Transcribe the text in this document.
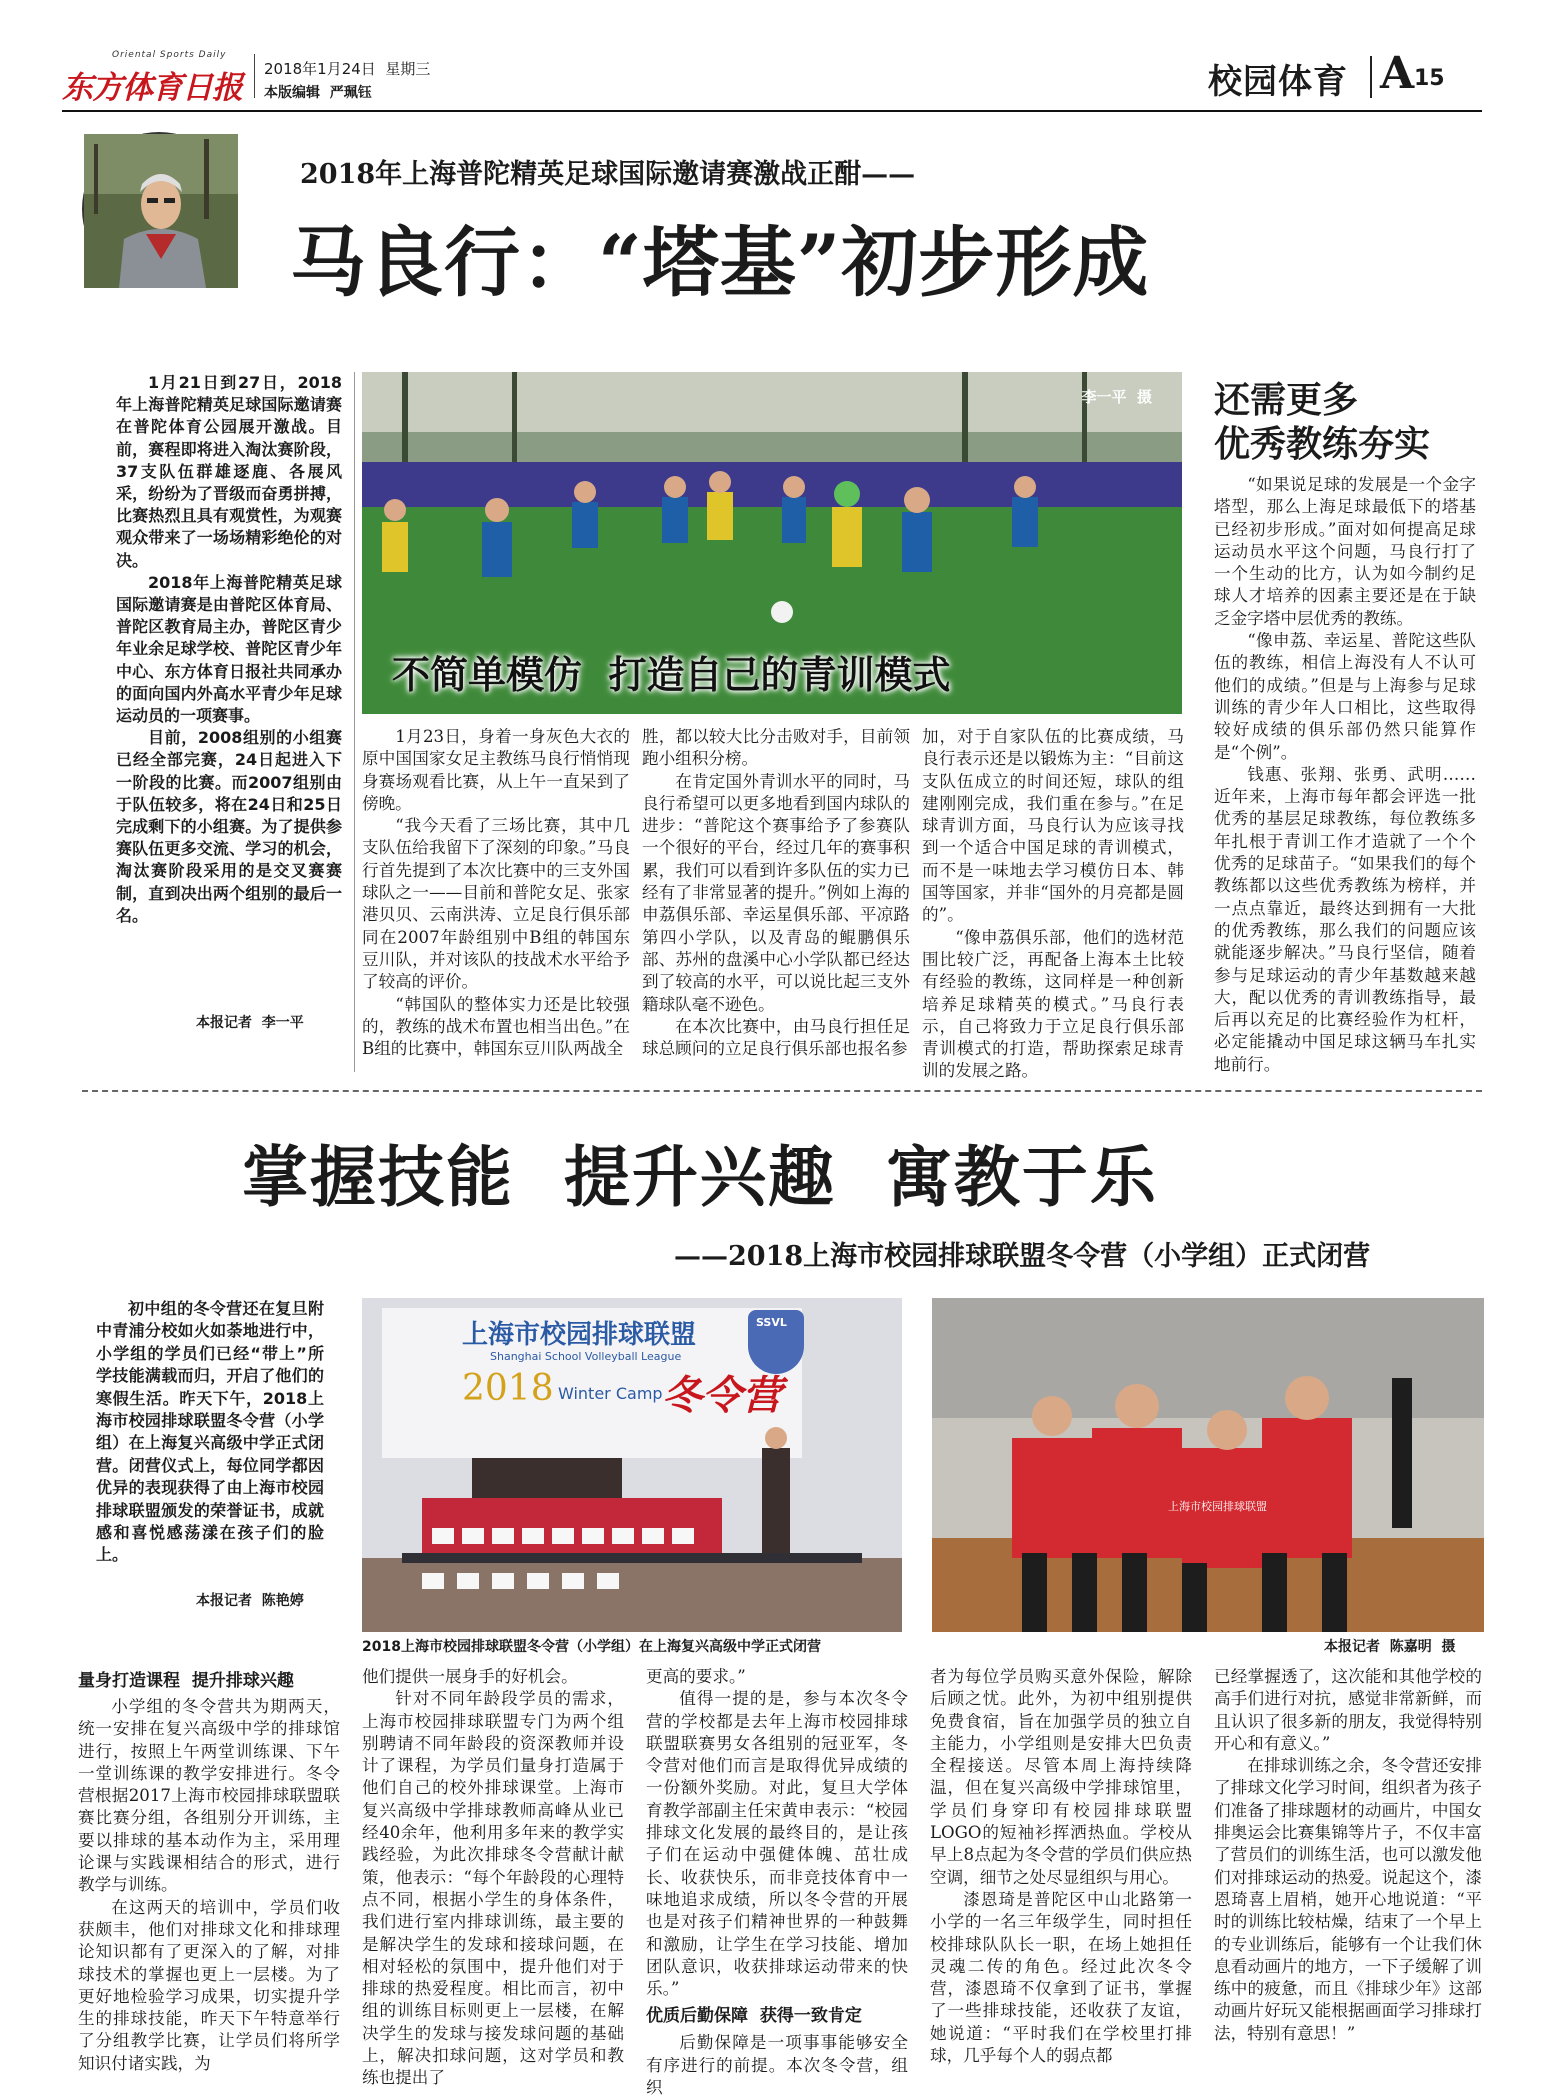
Oriental Sports Daily
东方体育日报
2018年1月24日  星期三
本版编辑  严珮钰	校园体育 A 15
2018年上海普陀精英足球国际邀请赛激战正酣——
马良行：“塔基”初步形成

1月21日到27日，2018年上海普陀精英足球国际邀请赛在普陀体育公园展开激战。目前，赛程即将进入淘汰赛阶段，37支队伍群雄逐鹿、各展风采，纷纷为了晋级而奋勇拼搏，比赛热烈且具有观赏性，为观赛观众带来了一场场精彩绝伦的对决。

2018年上海普陀精英足球国际邀请赛是由普陀区体育局、普陀区教育局主办，普陀区青少年业余足球学校、普陀区青少年中心、东方体育日报社共同承办的面向国内外高水平青少年足球运动员的一项赛事。

目前，2008组别的小组赛已经全部完赛，24日起进入下一阶段的比赛。而2007组别由于队伍较多，将在24日和25日完成剩下的小组赛。为了提供参赛队伍更多交流、学习的机会，淘汰赛阶段采用的是交叉赛赛制，直到决出两个组别的最后一名。

本报记者  李一平
李一平  摄
不简单模仿  打造自己的青训模式

1月23日，身着一身灰色大衣的原中国国家女足主教练马良行悄悄现身赛场观看比赛，从上午一直呆到了傍晚。

“我今天看了三场比赛，其中几支队伍给我留下了深刻的印象。”马良行首先提到了本次比赛中的三支外国球队之一——目前和普陀女足、张家港贝贝、云南洪涛、立足良行俱乐部同在2007年龄组别中B组的韩国东豆川队，并对该队的技战术水平给予了较高的评价。

“韩国队的整体实力还是比较强的，教练的战术布置也相当出色。”在B组的比赛中，韩国东豆川队两战全

胜，都以较大比分击败对手，目前领跑小组积分榜。

在肯定国外青训水平的同时，马良行希望可以更多地看到国内球队的进步：“普陀这个赛事给予了参赛队一个很好的平台，经过几年的赛事积累，我们可以看到许多队伍的实力已经有了非常显著的提升。”例如上海的申荔俱乐部、幸运星俱乐部、平凉路第四小学队，以及青岛的鲲鹏俱乐部、苏州的盘溪中心小学队都已经达到了较高的水平，可以说比起三支外籍球队毫不逊色。

在本次比赛中，由马良行担任足球总顾问的立足良行俱乐部也报名参

加，对于自家队伍的比赛成绩，马良行表示还是以锻炼为主：“目前这支队伍成立的时间还短，球队的组建刚刚完成，我们重在参与。”在足球青训方面，马良行认为应该寻找到一个适合中国足球的青训模式，而不是一味地去学习模仿日本、韩国等国家，并非“国外的月亮都是圆的”。

“像申荔俱乐部，他们的选材范围比较广泛，再配备上海本土比较有经验的教练，这同样是一种创新培养足球精英的模式。”马良行表示，自己将致力于立足良行俱乐部青训模式的打造，帮助探索足球青训的发展之路。

还需更多
优秀教练夯实

“如果说足球的发展是一个金字塔型，那么上海足球最低下的塔基已经初步形成。”面对如何提高足球运动员水平这个问题，马良行打了一个生动的比方，认为如今制约足球人才培养的因素主要还是在于缺乏金字塔中层优秀的教练。

“像申荔、幸运星、普陀这些队伍的教练，相信上海没有人不认可他们的成绩。”但是与上海参与足球训练的青少年人口相比，这些取得较好成绩的俱乐部仍然只能算作是“个例”。

钱惠、张翔、张勇、武明……近年来，上海市每年都会评选一批优秀的基层足球教练，每位教练多年扎根于青训工作才造就了一个个优秀的足球苗子。“如果我们的每个教练都以这些优秀教练为榜样，并一点点靠近，最终达到拥有一大批的优秀教练，那么我们的问题应该就能逐步解决。”马良行坚信，随着参与足球运动的青少年基数越来越大，配以优秀的青训教练指导，最后再以充足的比赛经验作为杠杆，必定能撬动中国足球这辆马车扎实地前行。

掌握技能  提升兴趣  寓教于乐
——2018上海市校园排球联盟冬令营（小学组）正式闭营

初中组的冬令营还在复旦附中青浦分校如火如荼地进行中，小学组的学员们已经“带上”所学技能满载而归，开启了他们的寒假生活。昨天下午，2018上海市校园排球联盟冬令营（小学组）在上海复兴高级中学正式闭营。闭营仪式上，每位同学都因优异的表现获得了由上海市校园排球联盟颁发的荣誉证书，成就感和喜悦感荡漾在孩子们的脸上。

本报记者  陈艳婷
上海市校园排球联盟
Shanghai School Volleyball League
2018 Winter Camp 冬令营
SSVL
上海市校园排球联盟
2018上海市校园排球联盟冬令营（小学组）在上海复兴高级中学正式闭营	本报记者  陈嘉明  摄
量身打造课程  提升排球兴趣

小学组的冬令营共为期两天，统一安排在复兴高级中学的排球馆进行，按照上午两堂训练课、下午一堂训练课的教学安排进行。冬令营根据2017上海市校园排球联盟联赛比赛分组，各组别分开训练，主要以排球的基本动作为主，采用理论课与实践课相结合的形式，进行教学与训练。

在这两天的培训中，学员们收获颇丰，他们对排球文化和排球理论知识都有了更深入的了解，对排球技术的掌握也更上一层楼。为了更好地检验学习成果，切实提升学生的排球技能，昨天下午特意举行了分组教学比赛，让学员们将所学知识付诸实践，为

他们提供一展身手的好机会。

针对不同年龄段学员的需求，上海市校园排球联盟专门为两个组别聘请不同年龄段的资深教师并设计了课程，为学员们量身打造属于他们自己的校外排球课堂。上海市复兴高级中学排球教师高峰从业已经40余年，他利用多年来的教学实践经验，为此次排球冬令营献计献策，他表示：“每个年龄段的心理特点不同，根据小学生的身体条件，我们进行室内排球训练，最主要的是解决学生的发球和接球问题，在相对轻松的氛围中，提升他们对于排球的热爱程度。相比而言，初中组的训练目标则更上一层楼，在解决学生的发球与接发球问题的基础上，解决扣球问题，这对学员和教练也提出了

更高的要求。”

值得一提的是，参与本次冬令营的学校都是去年上海市校园排球联盟联赛男女各组别的冠亚军，冬令营对他们而言是取得优异成绩的一份额外奖励。对此，复旦大学体育教学部副主任宋黄申表示：“校园排球文化发展的最终目的，是让孩子们在运动中强健体魄、茁壮成长、收获快乐，而非竞技体育中一味地追求成绩，所以冬令营的开展也是对孩子们精神世界的一种鼓舞和激励，让学生在学习技能、增加团队意识，收获排球运动带来的快乐。”

优质后勤保障  获得一致肯定

后勤保障是一项事事能够安全有序进行的前提。本次冬令营，组织

者为每位学员购买意外保险，解除后顾之忧。此外，为初中组别提供免费食宿，旨在加强学员的独立自主能力，小学组则是安排大巴负责全程接送。尽管本周上海持续降温，但在复兴高级中学排球馆里，学员们身穿印有校园排球联盟LOGO的短袖衫挥洒热血。学校从早上8点起为冬令营的学员们供应热空调，细节之处尽显组织与用心。

漆恩琦是普陀区中山北路第一小学的一名三年级学生，同时担任校排球队队长一职，在场上她担任灵魂二传的角色。经过此次冬令营，漆恩琦不仅拿到了证书，掌握了一些排球技能，还收获了友谊，她说道：“平时我们在学校里打排球，几乎每个人的弱点都

已经掌握透了，这次能和其他学校的高手们进行对抗，感觉非常新鲜，而且认识了很多新的朋友，我觉得特别开心和有意义。”

在排球训练之余，冬令营还安排了排球文化学习时间，组织者为孩子们准备了排球题材的动画片，中国女排奥运会比赛集锦等片子，不仅丰富了营员们的训练生活，也可以激发他们对排球运动的热爱。说起这个，漆恩琦喜上眉梢，她开心地说道：“平时的训练比较枯燥，结束了一个早上的专业训练后，能够有一个让我们休息看动画片的地方，一下子缓解了训练中的疲惫，而且《排球少年》这部动画片好玩又能根据画面学习排球打法，特别有意思！”
